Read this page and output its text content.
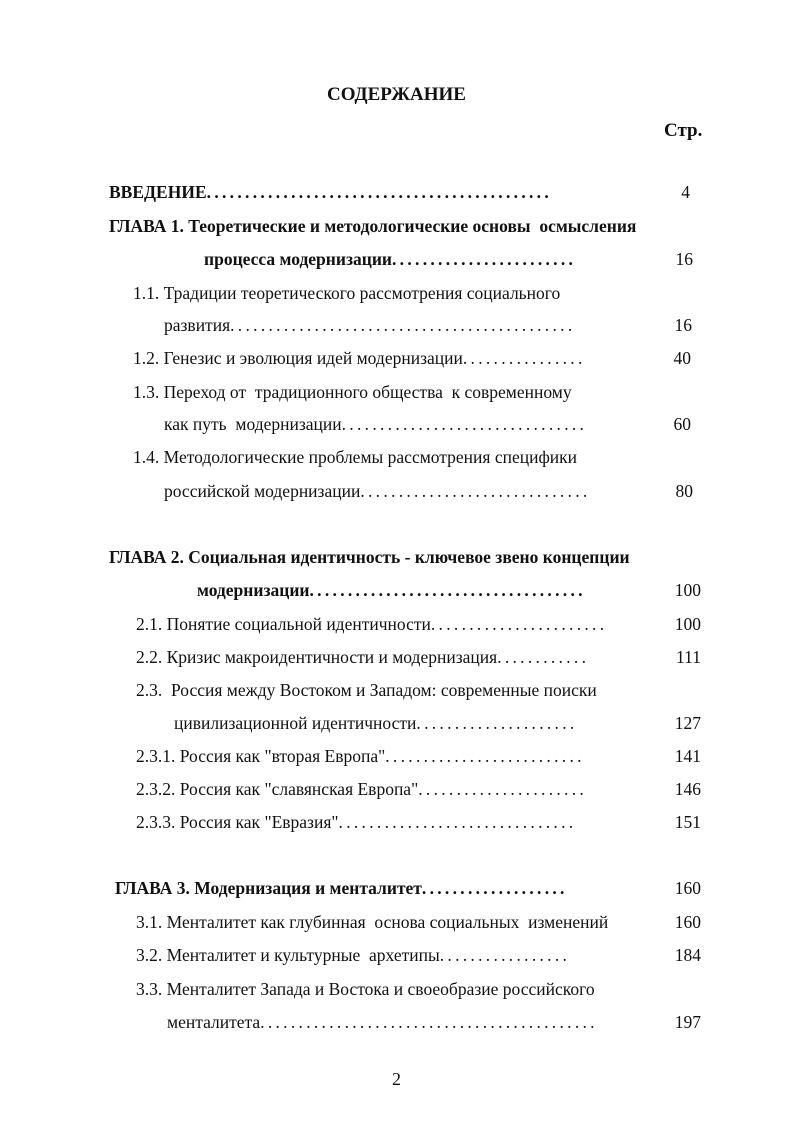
СОДЕРЖАНИЕ
Стр.
ВВЕДЕНИЕ.............................................	4
ГЛАВА 1. Теоретические и методологические основы  осмысления
процесса модернизации........................	16
1.1. Традиции теоретического рассмотрения социального
развития.............................................	16
1.2. Генезис и эволюция идей модернизации................	40
1.3. Переход от  традиционного общества  к современному
как путь  модернизации................................	60
1.4. Методологические проблемы рассмотрения специфики
российской модернизации..............................	80
ГЛАВА 2. Социальная идентичность - ключевое звено концепции
модернизации....................................	100
2.1. Понятие социальной идентичности.......................	100
2.2. Кризис макроидентичности и модернизация............	111
2.3.  Россия между Востоком и Западом: современные поиски
цивилизационной идентичности.....................	127
2.3.1. Россия как "вторая Европа"..........................	141
2.3.2. Россия как "славянская Европа"......................	146
2.3.3. Россия как "Евразия"...............................	151
ГЛАВА 3. Модернизация и менталитет...................	160
3.1. Менталитет как глубинная  основа социальных  изменений	160
3.2. Менталитет и культурные  архетипы.................	184
3.3. Менталитет Запада и Востока и своеобразие российского
менталитета............................................	197
2
